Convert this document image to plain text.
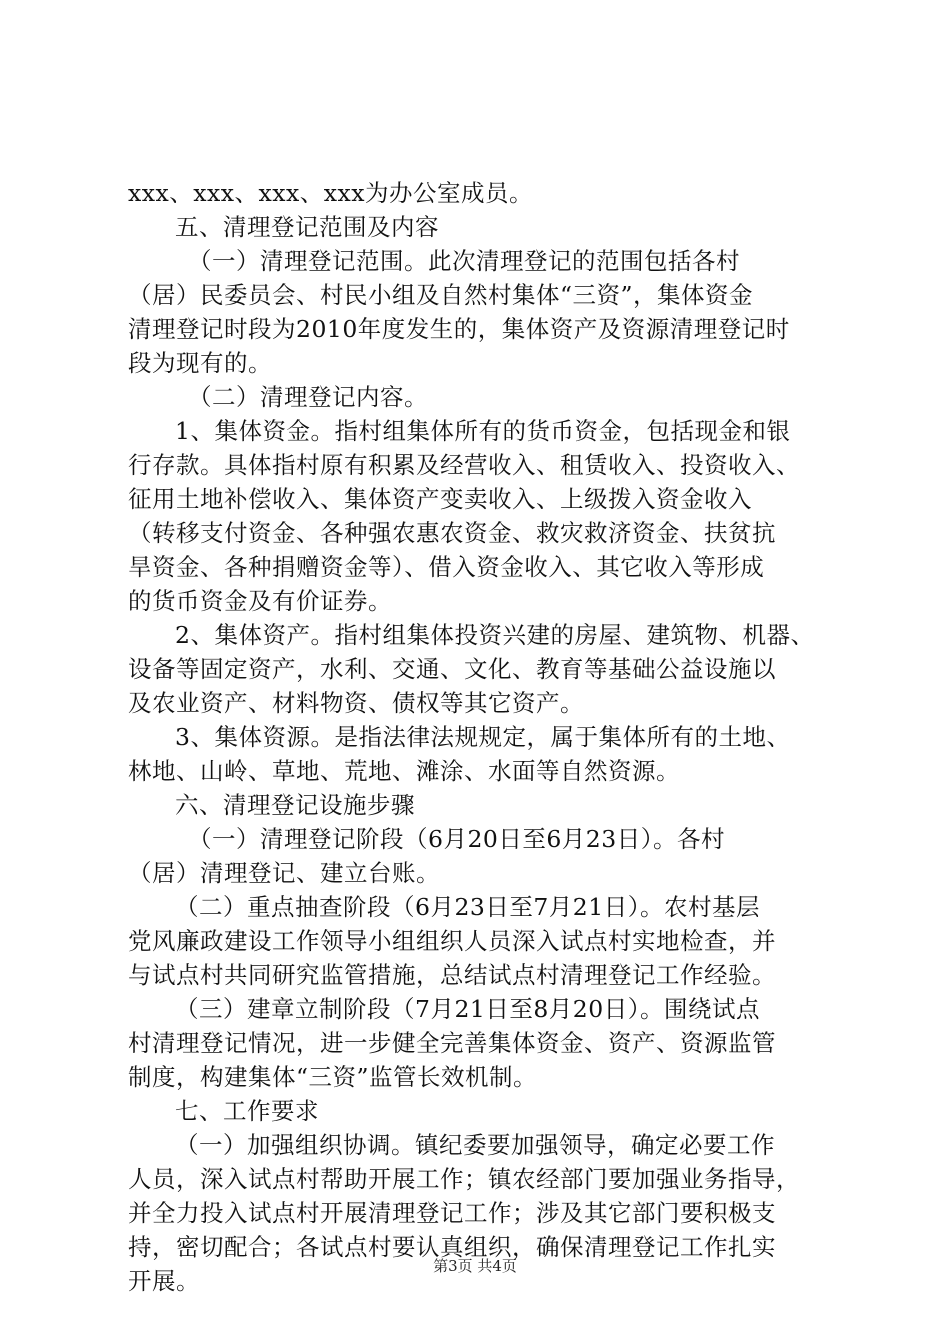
xxx、xxx、xxx、xxx为办公室成员。
五、清理登记范围及内容
（一）清理登记范围。此次清理登记的范围包括各村
（居）民委员会、村民小组及自然村集体“三资”，集体资金
清理登记时段为2010年度发生的，集体资产及资源清理登记时
段为现有的。
（二）清理登记内容。
1、集体资金。指村组集体所有的货币资金，包括现金和银
行存款。具体指村原有积累及经营收入、租赁收入、投资收入、
征用土地补偿收入、集体资产变卖收入、上级拨入资金收入
（转移支付资金、各种强农惠农资金、救灾救济资金、扶贫抗
旱资金、各种捐赠资金等）、借入资金收入、其它收入等形成
的货币资金及有价证券。
2、集体资产。指村组集体投资兴建的房屋、建筑物、机器、
设备等固定资产，水利、交通、文化、教育等基础公益设施以
及农业资产、材料物资、债权等其它资产。
3、集体资源。是指法律法规规定，属于集体所有的土地、
林地、山岭、草地、荒地、滩涂、水面等自然资源。
六、清理登记设施步骤
（一）清理登记阶段（6月20日至6月23日）。各村
（居）清理登记、建立台账。
（二）重点抽查阶段（6月23日至7月21日）。农村基层
党风廉政建设工作领导小组组织人员深入试点村实地检查，并
与试点村共同研究监管措施，总结试点村清理登记工作经验。
（三）建章立制阶段（7月21日至8月20日）。围绕试点
村清理登记情况，进一步健全完善集体资金、资产、资源监管
制度，构建集体“三资”监管长效机制。
七、工作要求
（一）加强组织协调。镇纪委要加强领导，确定必要工作
人员，深入试点村帮助开展工作；镇农经部门要加强业务指导，
并全力投入试点村开展清理登记工作；涉及其它部门要积极支
持，密切配合；各试点村要认真组织，确保清理登记工作扎实
开展。
第3页 共4页
